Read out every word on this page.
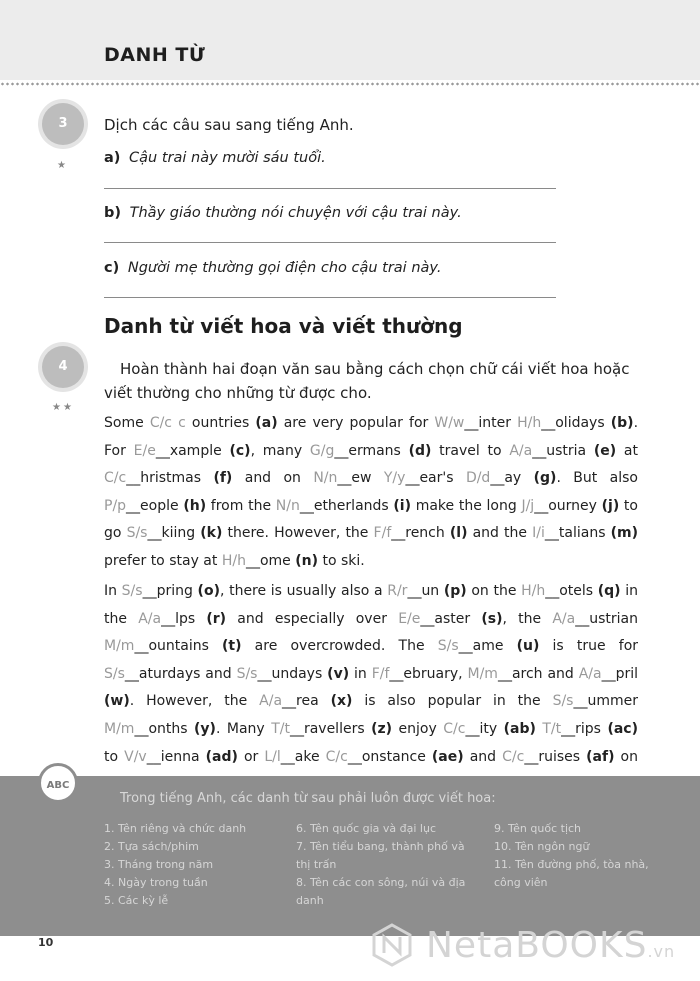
DANH TỪ
3
★
Dịch các câu sau sang tiếng Anh.
a) Cậu trai này mười sáu tuổi.
b) Thầy giáo thường nói chuyện với cậu trai này.
c) Người mẹ thường gọi điện cho cậu trai này.
Danh từ viết hoa và viết thường
4
★★
Hoàn thành hai đoạn văn sau bằng cách chọn chữ cái viết hoa hoặc viết thường cho những từ được cho.
Some C/c c ountries (a) are very popular for W/w__inter H/h__olidays (b). For E/e__xample (c), many G/g__ermans (d) travel to A/a__ustria (e) at C/c__hristmas (f) and on N/n__ew Y/y__ear's D/d__ay (g). But also P/p__eople (h) from the N/n__etherlands (i) make the long J/j__ourney (j) to go S/s__kiing (k) there. However, the F/f__rench (l) and the I/i__talians (m) prefer to stay at H/h__ome (n) to ski.
In S/s__pring (o), there is usually also a R/r__un (p) on the H/h__otels (q) in the A/a__lps (r) and especially over E/e__aster (s), the A/a__ustrian M/m__ountains (t) are overcrowded. The S/s__ame (u) is true for S/s__aturdays and S/s__undays (v) in F/f__ebruary, M/m__arch and A/a__pril (w). However, the A/a__rea (x) is also popular in the S/s__ummer M/m__onths (y). Many T/t__ravellers (z) enjoy C/c__ity (ab) T/t__rips (ac) to V/v__ienna (ad) or L/l__ake C/c__onstance (ae) and C/c__ruises (af) on
ABC
Trong tiếng Anh, các danh từ sau phải luôn được viết hoa:
1. Tên riêng và chức danh
2. Tựa sách/phim
3. Tháng trong năm
4. Ngày trong tuần
5. Các kỳ lễ
6. Tên quốc gia và đại lục
7. Tên tiểu bang, thành phố và thị trấn
8. Tên các con sông, núi và địa danh
9. Tên quốc tịch
10. Tên ngôn ngữ
11. Tên đường phố, tòa nhà, công viên
10	NetaBOOKS.vn
